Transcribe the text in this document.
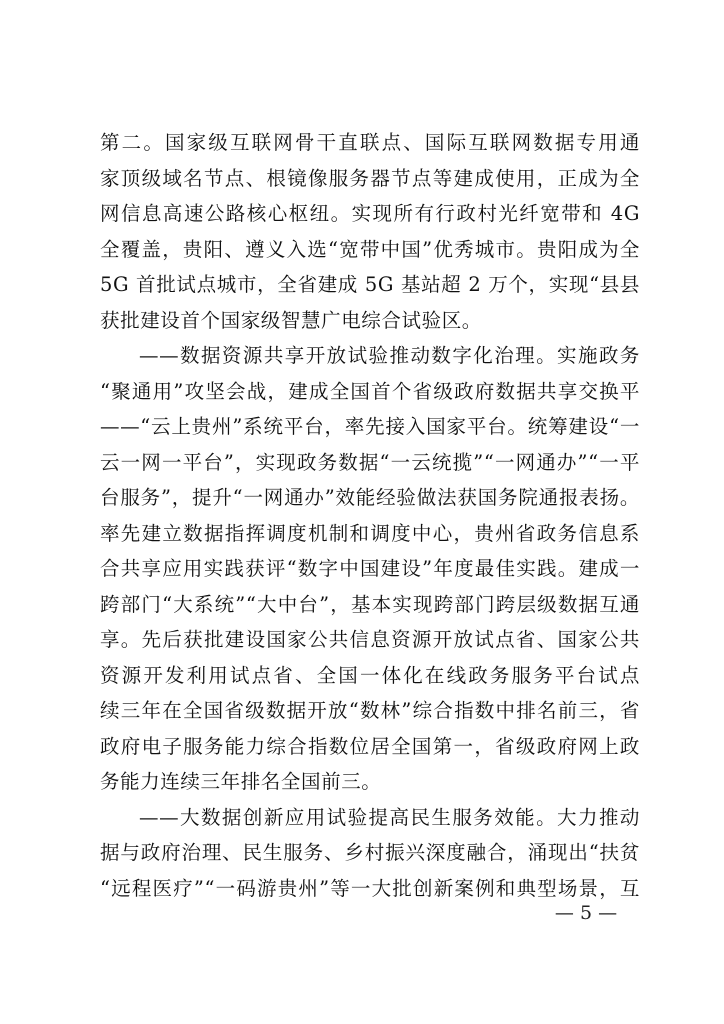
第二。国家级互联网骨干直联点、国际互联网数据专用通
家顶级域名节点、根镜像服务器节点等建成使用，正成为全
网信息高速公路核心枢纽。实现所有行政村光纤宽带和 4G
全覆盖，贵阳、遵义入选“宽带中国”优秀城市。贵阳成为全
5G 首批试点城市，全省建成 5G 基站超 2 万个，实现“县县
获批建设首个国家级智慧广电综合试验区。
——数据资源共享开放试验推动数字化治理。实施政务
“聚通用”攻坚会战，建成全国首个省级政府数据共享交换平
——“云上贵州”系统平台，率先接入国家平台。统筹建设“一
云一网一平台”，实现政务数据“一云统揽”“一网通办”“一平
台服务”，提升“一网通办”效能经验做法获国务院通报表扬。
率先建立数据指挥调度机制和调度中心，贵州省政务信息系
合共享应用实践获评“数字中国建设”年度最佳实践。建成一
跨部门“大系统”“大中台”，基本实现跨部门跨层级数据互通
享。先后获批建设国家公共信息资源开放试点省、国家公共
资源开发利用试点省、全国一体化在线政务服务平台试点
续三年在全国省级数据开放“数林”综合指数中排名前三，省
政府电子服务能力综合指数位居全国第一，省级政府网上政
务能力连续三年排名全国前三。
——大数据创新应用试验提高民生服务效能。大力推动
据与政府治理、民生服务、乡村振兴深度融合，涌现出“扶贫
“远程医疗”“一码游贵州”等一大批创新案例和典型场景，互
— 5 —
